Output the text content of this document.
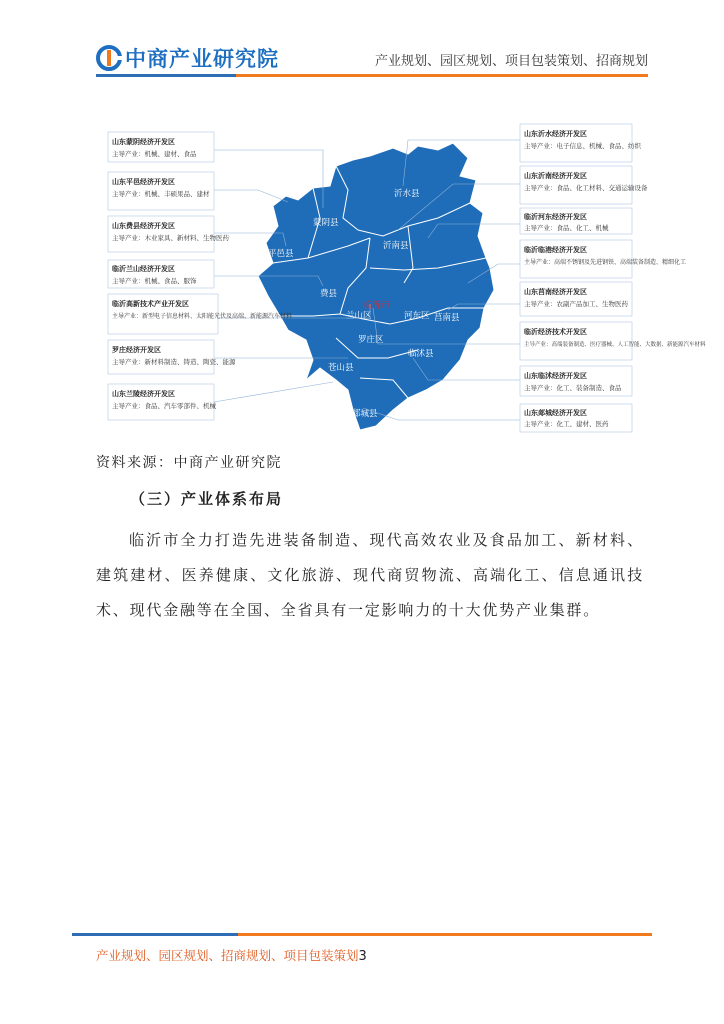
中商产业研究院	产业规划、园区规划、项目包装策划、招商规划
沂水县
沂南县
蒙阴县
平邑县
费县
河东区
兰山区
罗庄区
苍山县
郯城县
莒南县
临沭县
临沂市
山东蒙阴经济开发区
主导产业：机械、建材、食品
山东平邑经济开发区
主导产业：机械、丰硕果品、建材
山东费县经济开发区
主导产业：木业家具、新材料、生物医药
临沂兰山经济开发区
主导产业：机械、食品、服饰
临沂高新技术产业开发区
主导产业：新型电子信息材料、太阳能光伏及高端、新能源汽车材料
罗庄经济开发区
主导产业：新材料制造、铸造、陶瓷、能源
山东兰陵经济开发区
主导产业：食品、汽车零部件、机械
山东沂水经济开发区
主导产业：电子信息、机械、食品、纺织
山东沂南经济开发区
主导产业：食品、化工材料、交通运输设备
临沂河东经济开发区
主导产业：食品、化工、机械
临沂临港经济开发区
主导产业：高端不锈钢及先进钢铁、高端装备制造、精细化工
山东莒南经济开发区
主导产业：农副产品加工、生物医药
临沂经济技术开发区
主导产业：高端装备制造、医疗器械、人工智能、大数据、新能源汽车材料
山东临沭经济开发区
主导产业：化工、装备制造、食品
山东郯城经济开发区
主导产业：化工、建材、医药
资料来源：中商产业研究院
（三）产业体系布局
临沂市全力打造先进装备制造、现代高效农业及食品加工、新材料、建筑建材、医养健康、文化旅游、现代商贸物流、高端化工、信息通讯技术、现代金融等在全国、全省具有一定影响力的十大优势产业集群。
产业规划、园区规划、招商规划、项目包装策划3
